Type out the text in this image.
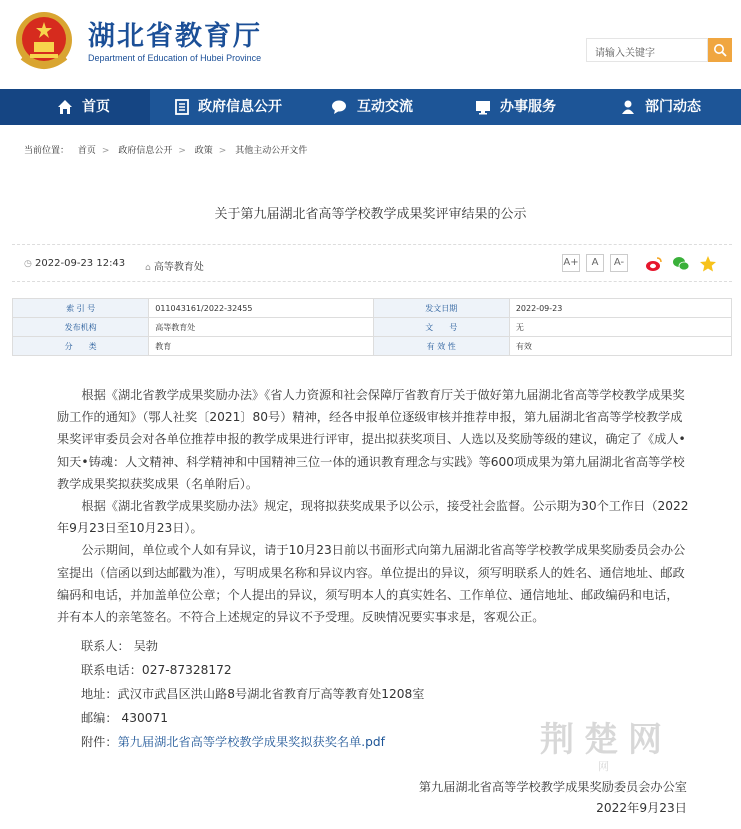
湖北省教育厅
Department of Education of Hubei Province	请输入关键字
首页	政府信息公开	互动交流	办事服务	部门动态
当前位置： 首页 > 政府信息公开 > 政策 > 其他主动公开文件
关于第九届湖北省高等学校教学成果奖评审结果的公示
◷ 2022-09-23 12:43 ⌂ 高等教育处	A+	A	A-
索 引 号	011043161/2022-32455	发文日期	2022-09-23
发布机构	高等教育处	文　　号	无
分　　类	教育	有 效 性	有效

根据《湖北省教学成果奖励办法》《省人力资源和社会保障厅省教育厅关于做好第九届湖北省高等学校教学成果奖励工作的通知》（鄂人社奖〔2021〕80号）精神，经各申报单位逐级审核并推荐申报，第九届湖北省高等学校教学成果奖评审委员会对各单位推荐申报的教学成果进行评审，提出拟获奖项目、人选以及奖励等级的建议，确定了《成人•知天•铸魂：人文精神、科学精神和中国精神三位一体的通识教育理念与实践》等600项成果为第九届湖北省高等学校教学成果奖拟获奖成果（名单附后）。

根据《湖北省教学成果奖励办法》规定，现将拟获奖成果予以公示，接受社会监督。公示期为30个工作日（2022年9月23日至10月23日）。

公示期间，单位或个人如有异议，请于10月23日前以书面形式向第九届湖北省高等学校教学成果奖励委员会办公室提出（信函以到达邮戳为准），写明成果名称和异议内容。单位提出的异议，须写明联系人的姓名、通信地址、邮政编码和电话，并加盖单位公章；个人提出的异议，须写明本人的真实姓名、工作单位、通信地址、邮政编码和电话，并有本人的亲笔签名。不符合上述规定的异议不予受理。反映情况要实事求是，客观公正。

联系人： 吴勃
联系电话：027-87328172
地址：武汉市武昌区洪山路8号湖北省教育厅高等教育处1208室
邮编： 430071
附件：第九届湖北省高等学校教学成果奖拟获奖名单.pdf	荆楚网
网
第九届湖北省高等学校教学成果奖励委员会办公室
2022年9月23日
